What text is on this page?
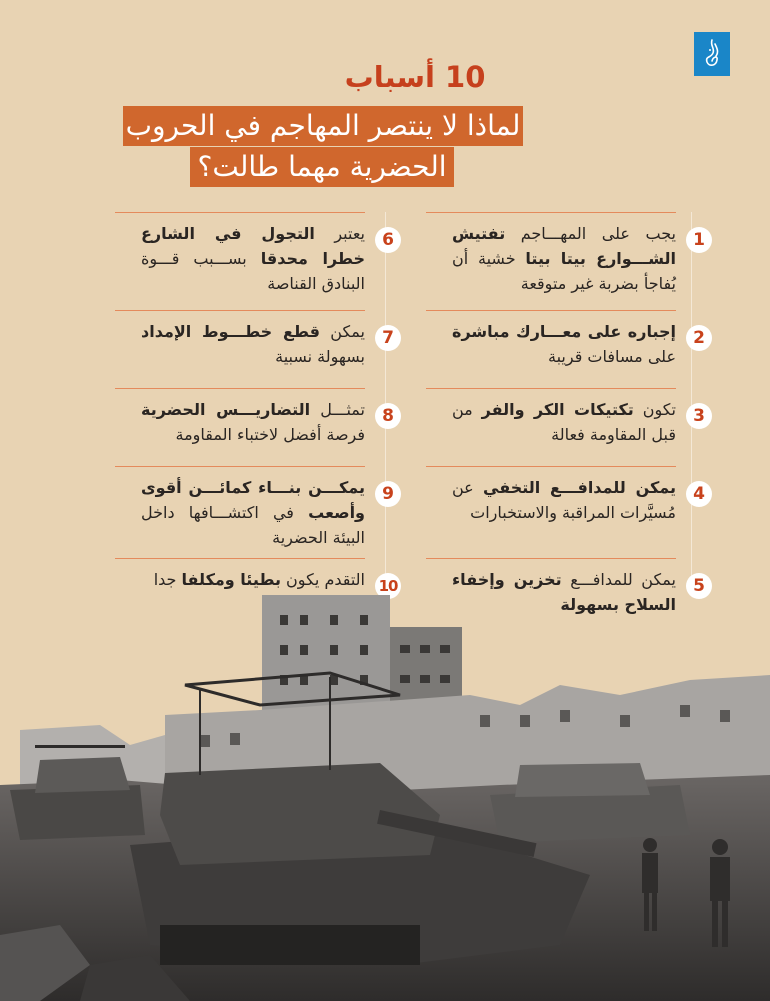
10 أسباب
لماذا لا ينتصر المهاجم في الحروب
الحضرية مهما طالت؟
1
يجب على المهـــاجم تفتيش الشـــوارع بيتا بيتا خشية أن يُفاجأ بضربة غير متوقعة
2
إجباره على معـــارك مباشرة على مسافات قريبة
3
تكون تكتيكات الكر والفر من قبل المقاومة فعالة
4
يمكن للمدافـــع التخفي عن مُسيَّرات المراقبة والاستخبارات
5
يمكن للمدافـــع تخزين وإخفاء السلاح بسهولة
6
يعتبر التجول في الشارع خطرا محدقا بســـبب قـــوة البنادق القناصة
7
يمكن قطع خطـــوط الإمداد بسهولة نسبية
8
تمثـــل التضاريـــس الحضرية فرصة أفضل لاختباء المقاومة
9
يمكـــن بنـــاء كمائـــن أقوى وأصعب في اكتشـــافها داخل البيئة الحضرية
10
التقدم يكون بطيئا ومكلفا جدا
